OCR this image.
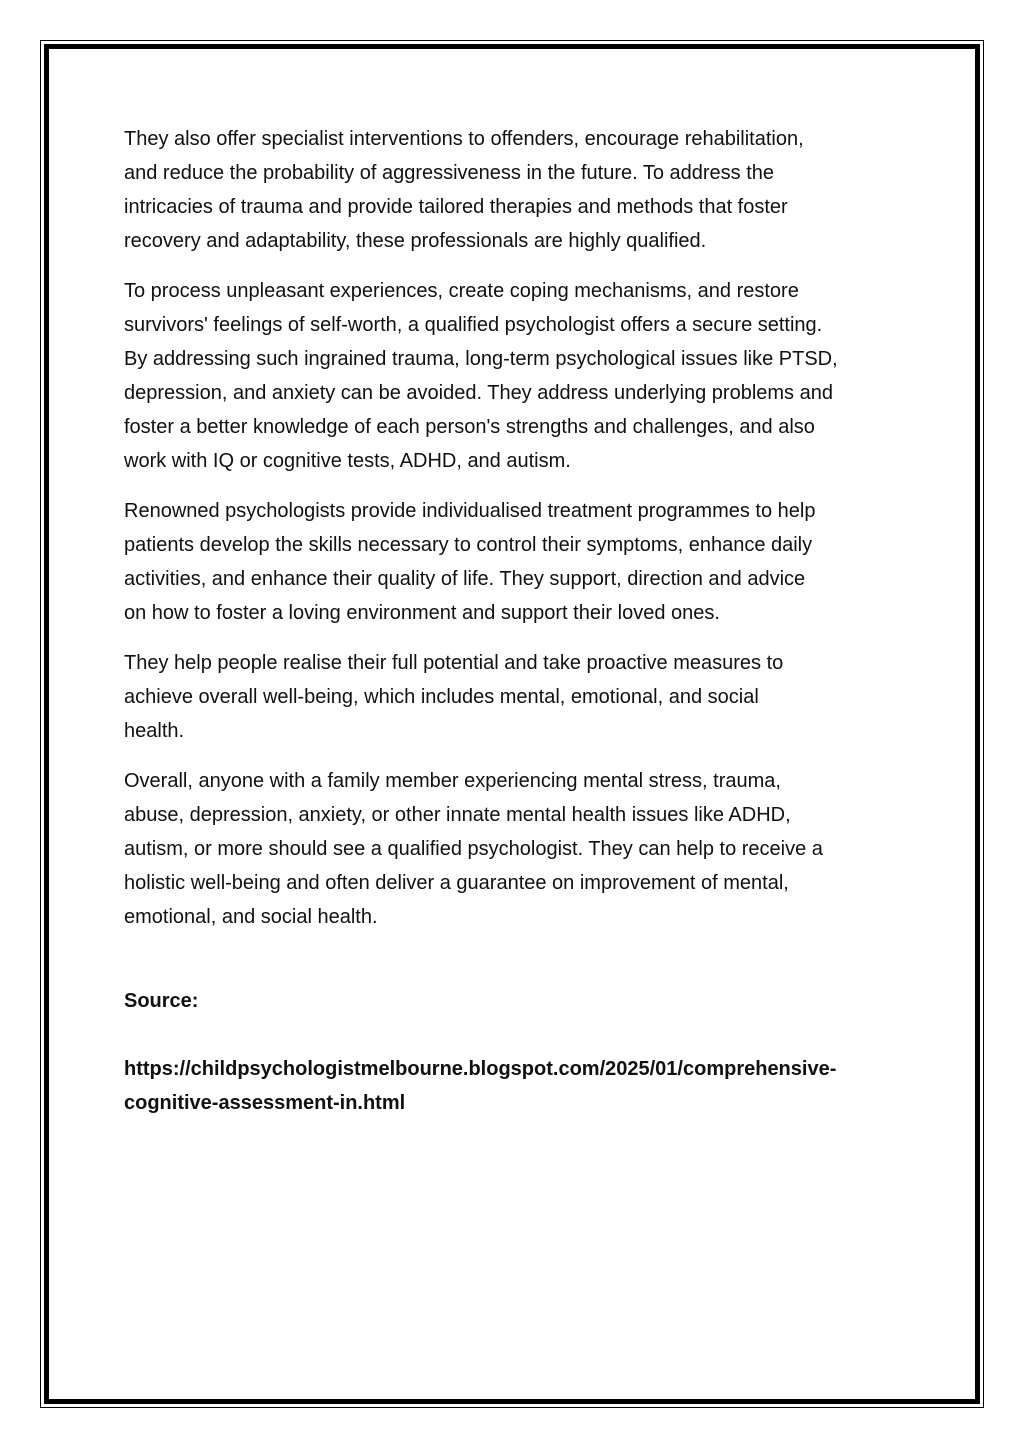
They also offer specialist interventions to offenders, encourage rehabilitation,
and reduce the probability of aggressiveness in the future. To address the
intricacies of trauma and provide tailored therapies and methods that foster
recovery and adaptability, these professionals are highly qualified.

To process unpleasant experiences, create coping mechanisms, and restore
survivors' feelings of self-worth, a qualified psychologist offers a secure setting.
By addressing such ingrained trauma, long-term psychological issues like PTSD,
depression, and anxiety can be avoided. They address underlying problems and
foster a better knowledge of each person's strengths and challenges, and also
work with IQ or cognitive tests, ADHD, and autism.

Renowned psychologists provide individualised treatment programmes to help
patients develop the skills necessary to control their symptoms, enhance daily
activities, and enhance their quality of life. They support, direction and advice
on how to foster a loving environment and support their loved ones.

They help people realise their full potential and take proactive measures to
achieve overall well-being, which includes mental, emotional, and social
health.

Overall, anyone with a family member experiencing mental stress, trauma,
abuse, depression, anxiety, or other innate mental health issues like ADHD,
autism, or more should see a qualified psychologist. They can help to receive a
holistic well-being and often deliver a guarantee on improvement of mental,
emotional, and social health.

Source:

https://childpsychologistmelbourne.blogspot.com/2025/01/comprehensive-
cognitive-assessment-in.html
